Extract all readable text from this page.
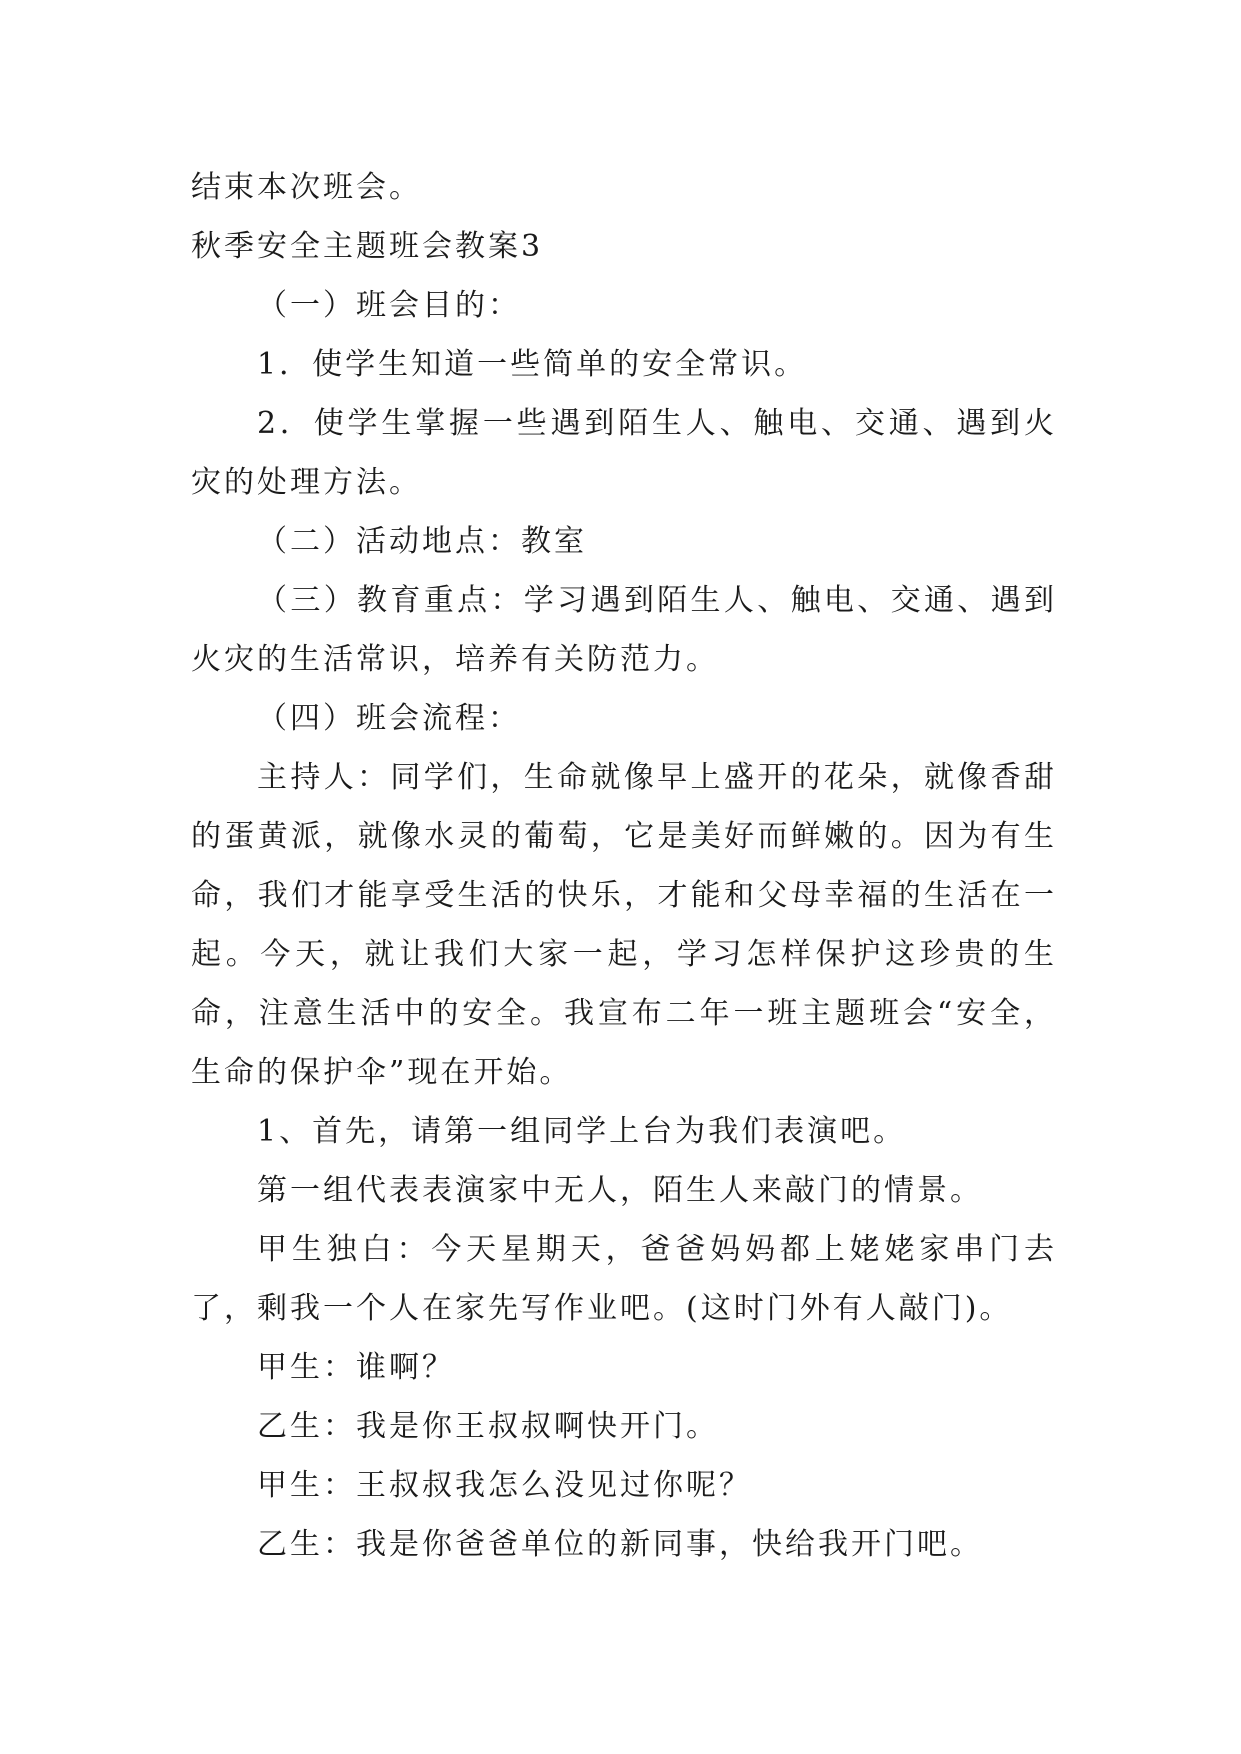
结束本次班会。

秋季安全主题班会教案3

（一）班会目的：

1．使学生知道一些简单的安全常识。

2．使学生掌握一些遇到陌生人、触电、交通、遇到火灾的处理方法。

（二）活动地点：教室

（三）教育重点：学习遇到陌生人、触电、交通、遇到火灾的生活常识，培养有关防范力。

（四）班会流程：

主持人：同学们，生命就像早上盛开的花朵，就像香甜的蛋黄派，就像水灵的葡萄，它是美好而鲜嫩的。因为有生命，我们才能享受生活的快乐，才能和父母幸福的生活在一起。今天，就让我们大家一起，学习怎样保护这珍贵的生命，注意生活中的安全。我宣布二年一班主题班会“安全，生命的保护伞”现在开始。

1、首先，请第一组同学上台为我们表演吧。

第一组代表表演家中无人，陌生人来敲门的情景。

甲生独白：今天星期天，爸爸妈妈都上姥姥家串门去了，剩我一个人在家先写作业吧。(这时门外有人敲门)。

甲生：谁啊？

乙生：我是你王叔叔啊快开门。

甲生：王叔叔我怎么没见过你呢？

乙生：我是你爸爸单位的新同事，快给我开门吧。
